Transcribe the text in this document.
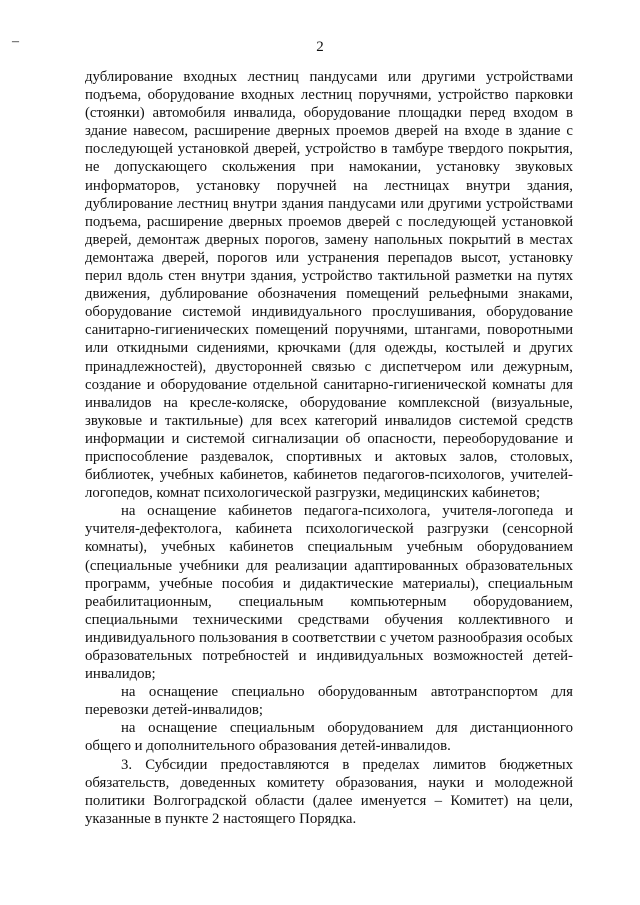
–	2

дублирование входных лестниц пандусами или другими устройствами подъема, оборудование входных лестниц поручнями, устройство парковки (стоянки) автомобиля инвалида, оборудование площадки перед входом в здание навесом, расширение дверных проемов дверей на входе в здание с последующей установкой дверей, устройство в тамбуре твердого покрытия, не допускающего скольжения при намокании, установку звуковых информаторов, установку поручней на лестницах внутри здания, дублирование лестниц внутри здания пандусами или другими устройствами подъема, расширение дверных проемов дверей с последующей установкой дверей, демонтаж дверных порогов, замену напольных покрытий в местах демонтажа дверей, порогов или устранения перепадов высот, установку перил вдоль стен внутри здания, устройство тактильной разметки на путях движения, дублирование обозначения помещений рельефными знаками, оборудование системой индивидуального прослушивания, оборудование санитарно-гигиенических помещений поручнями, штангами, поворотными или откидными сидениями, крючками (для одежды, костылей и других принадлежностей), двусторонней связью с диспетчером или дежурным, создание и оборудование отдельной санитарно-гигиенической комнаты для инвалидов на кресле-коляске, оборудование комплексной (визуальные, звуковые и тактильные) для всех категорий инвалидов системой средств информации и системой сигнализации об опасности, переоборудование и приспособление раздевалок, спортивных и актовых залов, столовых, библиотек, учебных кабинетов, кабинетов педагогов-психологов, учителей-логопедов, комнат психологической разгрузки, медицинских кабинетов;

на оснащение кабинетов педагога-психолога, учителя-логопеда и учителя-дефектолога, кабинета психологической разгрузки (сенсорной комнаты), учебных кабинетов специальным учебным оборудованием (специальные учебники для реализации адаптированных образовательных программ, учебные пособия и дидактические материалы), специальным реабилитационным, специальным компьютерным оборудованием, специальными техническими средствами обучения коллективного и индивидуального пользования в соответствии с учетом разнообразия особых образовательных потребностей и индивидуальных возможностей детей-инвалидов;

на оснащение специально оборудованным автотранспортом для перевозки детей-инвалидов;

на оснащение специальным оборудованием для дистанционного общего и дополнительного образования детей-инвалидов.

3. Субсидии предоставляются в пределах лимитов бюджетных обязательств, доведенных комитету образования, науки и молодежной политики Волгоградской области (далее именуется – Комитет) на цели, указанные в пункте 2 настоящего Порядка.
